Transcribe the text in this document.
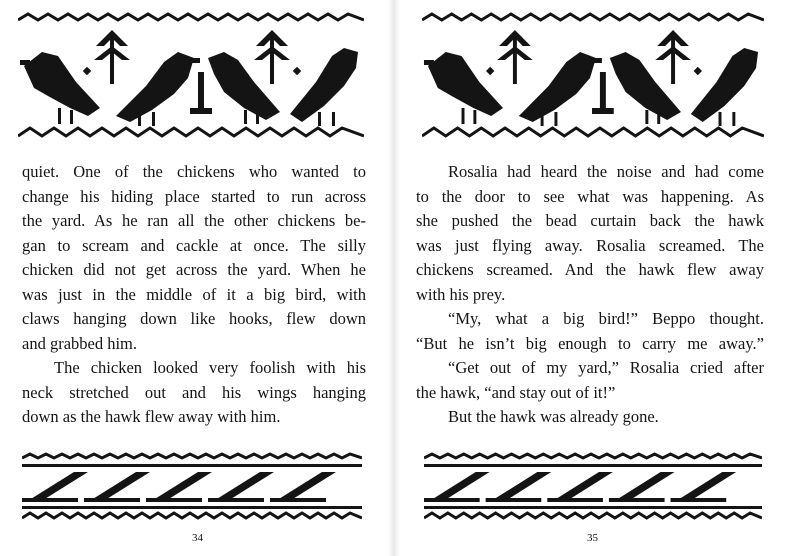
quiet. One of the chickens who wanted to
change his hiding place started to run across
the yard. As he ran all the other chickens be-
gan to scream and cackle at once. The silly
chicken did not get across the yard. When he
was just in the middle of it a big bird, with
claws hanging down like hooks, flew down
and grabbed him.
The chicken looked very foolish with his
neck stretched out and his wings hanging
down as the hawk flew away with him.
34
Rosalia had heard the noise and had come
to the door to see what was happening. As
she pushed the bead curtain back the hawk
was just flying away. Rosalia screamed. The
chickens screamed. And the hawk flew away
with his prey.
“My, what a big bird!” Beppo thought.
“But he isn’t big enough to carry me away.”
“Get out of my yard,” Rosalia cried after
the hawk, “and stay out of it!”
But the hawk was already gone.
35
